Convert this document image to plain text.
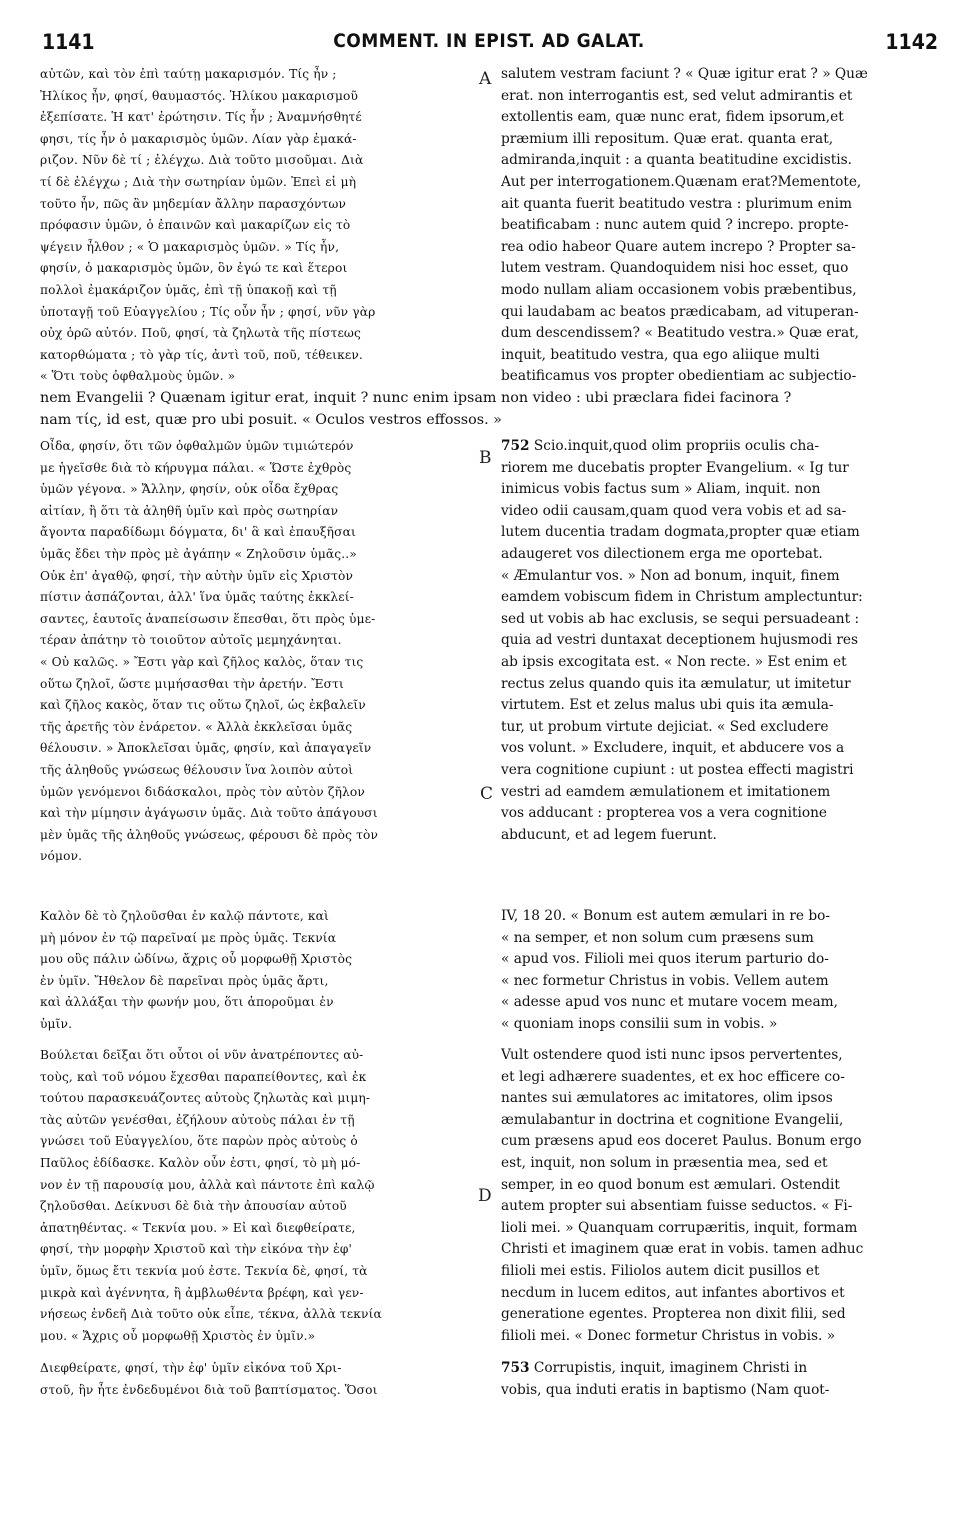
1141	COMMENT. IN EPIST. AD GALAT.	1142
αὐτῶν, καὶ τὸν ἐπὶ ταύτῃ μακαρισμόν. Τίς ἦν ;
Ἠλίκος ἦν, φησί, θαυμαστός. Ἡλίκου μακαρισμοῦ
ἐξεπίσατε. Ἡ κατ' ἐρώτησιν. Τίς ἦν ; Ἀναμνήσθητέ
φησι, τίς ἦν ὁ μακαρισμὸς ὑμῶν. Λίαν γὰρ ἐμακά-
ριζον. Νῦν δὲ τί ; ἐλέγχω. Διὰ τοῦτο μισοῦμαι. Διὰ
τί δὲ ἐλέγχω ; Διὰ τὴν σωτηρίαν ὑμῶν. Ἐπεὶ εἰ μὴ
τοῦτο ἦν, πῶς ἂν μηδεμίαν ἄλλην παρασχόντων
πρόφασιν ὑμῶν, ὁ ἐπαινῶν καὶ μακαρίζων εἰς τὸ
ψέγειν ἦλθον ; « Ὁ μακαρισμὸς ὑμῶν. » Τίς ἦν,
φησίν, ὁ μακαρισμὸς ὑμῶν, ὃν ἐγώ τε καὶ ἕτεροι
πολλοὶ ἐμακάριζον ὑμᾶς, ἐπὶ τῇ ὑπακοῇ καὶ τῇ
ὑποταγῇ τοῦ Εὐαγγελίου ; Τίς οὖν ἦν ; φησί, νῦν γὰρ
οὐχ ὁρῶ αὐτόν. Ποῦ, φησί, τὰ ζηλωτὰ τῆς πίστεως
κατορθώματα ; τὸ γὰρ τίς, ἀντὶ τοῦ, ποῦ, τέθεικεν.
« Ὅτι τοὺς ὀφθαλμοὺς ὑμῶν. »
A salutem vestram faciunt ? « Quæ igitur erat ? » Quæ
erat. non interrogantis est, sed velut admirantis et
extollentis eam, quæ nunc erat, fidem ipsorum,et
præmium illi repositum. Quæ erat. quanta erat,
admiranda,inquit : a quanta beatitudine excidistis.
Aut per interrogationem.Quænam erat?Mementote,
ait quanta fuerit beatitudo vestra : plurimum enim
beatificabam : nunc autem quid ? increpo. propte-
rea odio habeor Quare autem increpo ? Propter sa-
lutem vestram. Quandoquidem nisi hoc esset, quo
modo nullam aliam occasionem vobis præbentibus,
qui laudabam ac beatos prædicabam, ad vituperan-
dum descendissem? « Beatitudo vestra.» Quæ erat,
inquit, beatitudo vestra, qua ego aliique multi
beatificamus vos propter obedientiam ac subjectio-
nem Evangelii ? Quænam igitur erat, inquit ? nunc enim ipsam non video : ubi præclara fidei facinora ?
nam τίς, id est, quæ pro ubi posuit. « Oculos vestros effossos. »
Οἶδα, φησίν, ὅτι τῶν ὀφθαλμῶν ὑμῶν τιμιώτερόν
με ἡγεῖσθε διὰ τὸ κήρυγμα πάλαι. « Ὥστε ἐχθρὸς
ὑμῶν γέγονα. » Ἄλλην, φησίν, οὐκ οἶδα ἔχθρας
αἰτίαν, ἢ ὅτι τὰ ἀληθῆ ὑμῖν καὶ πρὸς σωτηρίαν
ἄγοντα παραδίδωμι δόγματα, δι' ἃ καὶ ἐπαυξῆσαι
ὑμᾶς ἔδει τὴν πρὸς μὲ ἀγάπην « Ζηλοῦσιν ὑμᾶς..»
Οὐκ ἐπ' ἀγαθῷ, φησί, τὴν αὐτὴν ὑμῖν εἰς Χριστὸν
πίστιν ἀσπάζονται, ἀλλ' ἵνα ὑμᾶς ταύτης ἐκκλεί-
σαντες, ἑαυτοῖς ἀναπείσωσιν ἕπεσθαι, ὅτι πρὸς ὑμε-
τέραν ἀπάτην τὸ τοιοῦτον αὐτοῖς μεμηχάνηται.
« Οὐ καλῶς. » Ἔστι γὰρ καὶ ζῆλος καλὸς, ὅταν τις
οὕτω ζηλοῖ, ὥστε μιμήσασθαι τὴν ἀρετήν. Ἔστι
καὶ ζῆλος κακὸς, ὅταν τις οὕτω ζηλοῖ, ὡς ἐκβαλεῖν
τῆς ἀρετῆς τὸν ἐνάρετον. « Ἀλλὰ ἐκκλεῖσαι ὑμᾶς
θέλουσιν. » Ἀποκλεῖσαι ὑμᾶς, φησίν, καὶ ἀπαγαγεῖν
τῆς ἀληθοῦς γνώσεως θέλουσιν ἵνα λοιπὸν αὐτοὶ
ὑμῶν γενόμενοι διδάσκαλοι, πρὸς τὸν αὐτὸν ζῆλον
καὶ τὴν μίμησιν ἀγάγωσιν ὑμᾶς. Διὰ τοῦτο ἀπάγουσι
μὲν ὑμᾶς τῆς ἀληθοῦς γνώσεως, φέρουσι δὲ πρὸς τὸν
νόμον.
B
752 Scio.inquit,quod olim propriis oculis cha-
riorem me ducebatis propter Evangelium. « Ig tur
inimicus vobis factus sum » Aliam, inquit. non
video odii causam,quam quod vera vobis et ad sa-
lutem ducentia tradam dogmata,propter quæ etiam
adaugeret vos dilectionem erga me oportebat.
« Æmulantur vos. » Non ad bonum, inquit, finem
eamdem vobiscum fidem in Christum amplectuntur:
sed ut vobis ab hac exclusis, se sequi persuadeant :
quia ad vestri duntaxat deceptionem hujusmodi res
ab ipsis excogitata est. « Non recte. » Est enim et
rectus zelus quando quis ita æmulatur, ut imitetur
virtutem. Est et zelus malus ubi quis ita æmula-
tur, ut probum virtute dejiciat. « Sed excludere
vos volunt. » Excludere, inquit, et abducere vos a
vera cognitione cupiunt : ut postea effecti magistri
vestri ad eamdem æmulationem et imitationem
vos adducant : propterea vos a vera cognitione
abducunt, et ad legem fuerunt.
C
Καλὸν δὲ τὸ ζηλοῦσθαι ἐν καλῷ πάντοτε, καὶ
μὴ μόνον ἐν τῷ παρεῖναί με πρὸς ὑμᾶς. Τεκνία
μου οὓς πάλιν ὠδίνω, ἄχρις οὗ μορφωθῇ Χριστὸς
ἐν ὑμῖν. Ἤθελον δὲ παρεῖναι πρὸς ὑμᾶς ἄρτι,
καὶ ἀλλάξαι τὴν φωνήν μου, ὅτι ἀποροῦμαι ἐν
ὑμῖν.
IV, 18 20. « Bonum est autem æmulari in re bo-
« na semper, et non solum cum præsens sum
« apud vos. Filioli mei quos iterum parturio do-
« nec formetur Christus in vobis. Vellem autem
« adesse apud vos nunc et mutare vocem meam,
« quoniam inops consilii sum in vobis. »
Βούλεται δεῖξαι ὅτι οὗτοι οἱ νῦν ἀνατρέποντες αὐ-
τοὺς, καὶ τοῦ νόμου ἔχεσθαι παραπείθοντες, καὶ ἐκ
τούτου παρασκευάζοντες αὐτοὺς ζηλωτὰς καὶ μιμη-
τὰς αὐτῶν γενέσθαι, ἐζήλουν αὐτοὺς πάλαι ἐν τῇ
γνώσει τοῦ Εὐαγγελίου, ὅτε παρὼν πρὸς αὐτοὺς ὁ
Παῦλος ἐδίδασκε. Καλὸν οὖν ἐστι, φησί, τὸ μὴ μό-
νον ἐν τῇ παρουσίᾳ μου, ἀλλὰ καὶ πάντοτε ἐπὶ καλῷ
ζηλοῦσθαι. Δείκνυσι δὲ διὰ τὴν ἀπουσίαν αὐτοῦ
ἀπατηθέντας. « Τεκνία μου. » Εἰ καὶ διεφθείρατε,
φησί, τὴν μορφὴν Χριστοῦ καὶ τὴν εἰκόνα τὴν ἐφ'
ὑμῖν, ὅμως ἔτι τεκνία μού ἐστε. Τεκνία δὲ, φησί, τὰ
μικρὰ καὶ ἀγέννητα, ἢ ἀμβλωθέντα βρέφη, καὶ γεν-
νήσεως ἐνδεῆ Διὰ τοῦτο οὐκ εἶπε, τέκνα, ἀλλὰ τεκνία
μου. « Ἄχρις οὗ μορφωθῇ Χριστὸς ἐν ὑμῖν.»
D
Vult ostendere quod isti nunc ipsos pervertentes,
et legi adhærere suadentes, et ex hoc efficere co-
nantes sui æmulatores ac imitatores, olim ipsos
æmulabantur in doctrina et cognitione Evangelii,
cum præsens apud eos doceret Paulus. Bonum ergo
est, inquit, non solum in præsentia mea, sed et
semper, in eo quod bonum est æmulari. Ostendit
autem propter sui absentiam fuisse seductos. « Fi-
lioli mei. » Quanquam corrupæritis, inquit, formam
Christi et imaginem quæ erat in vobis. tamen adhuc
filioli mei estis. Filiolos autem dicit pusillos et
necdum in lucem editos, aut infantes abortivos et
generatione egentes. Propterea non dixit filii, sed
filioli mei. « Donec formetur Christus in vobis. »
Διεφθείρατε, φησί, τὴν ἐφ' ὑμῖν εἰκόνα τοῦ Χρι-
στοῦ, ἣν ἦτε ἐνδεδυμένοι διὰ τοῦ βαπτίσματος. Ὅσοι
753 Corrupistis, inquit, imaginem Christi in
vobis, qua induti eratis in baptismo (Nam quot-
